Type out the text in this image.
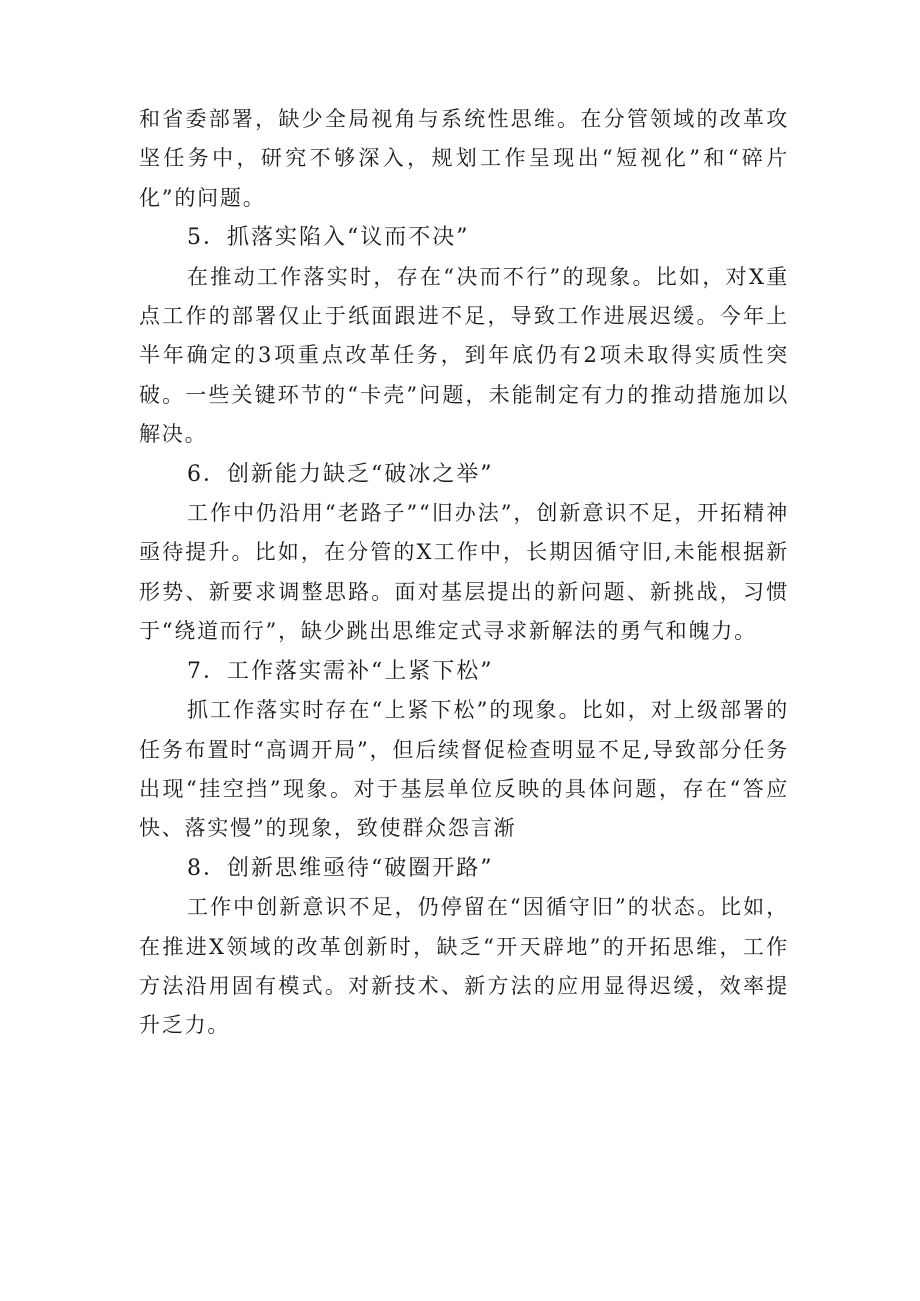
和省委部署，缺少全局视角与系统性思维。在分管领域的改革攻坚任务中，研究不够深入，规划工作呈现出“短视化”和“碎片化”的问题。

5．抓落实陷入“议而不决”

在推动工作落实时，存在“决而不行”的现象。比如，对X重点工作的部署仅止于纸面跟进不足，导致工作进展迟缓。今年上半年确定的3项重点改革任务，到年底仍有2项未取得实质性突破。一些关键环节的“卡壳”问题，未能制定有力的推动措施加以解决。

6．创新能力缺乏“破冰之举”

工作中仍沿用“老路子”“旧办法”，创新意识不足，开拓精神亟待提升。比如，在分管的X工作中，长期因循守旧,未能根据新形势、新要求调整思路。面对基层提出的新问题、新挑战，习惯于“绕道而行”，缺少跳出思维定式寻求新解法的勇气和魄力。

7．工作落实需补“上紧下松”

抓工作落实时存在“上紧下松”的现象。比如，对上级部署的任务布置时“高调开局”，但后续督促检查明显不足,导致部分任务出现“挂空挡”现象。对于基层单位反映的具体问题，存在“答应快、落实慢”的现象，致使群众怨言渐

8．创新思维亟待“破圈开路”

工作中创新意识不足，仍停留在“因循守旧”的状态。比如，在推进X领域的改革创新时，缺乏“开天辟地”的开拓思维，工作方法沿用固有模式。对新技术、新方法的应用显得迟缓，效率提升乏力。
